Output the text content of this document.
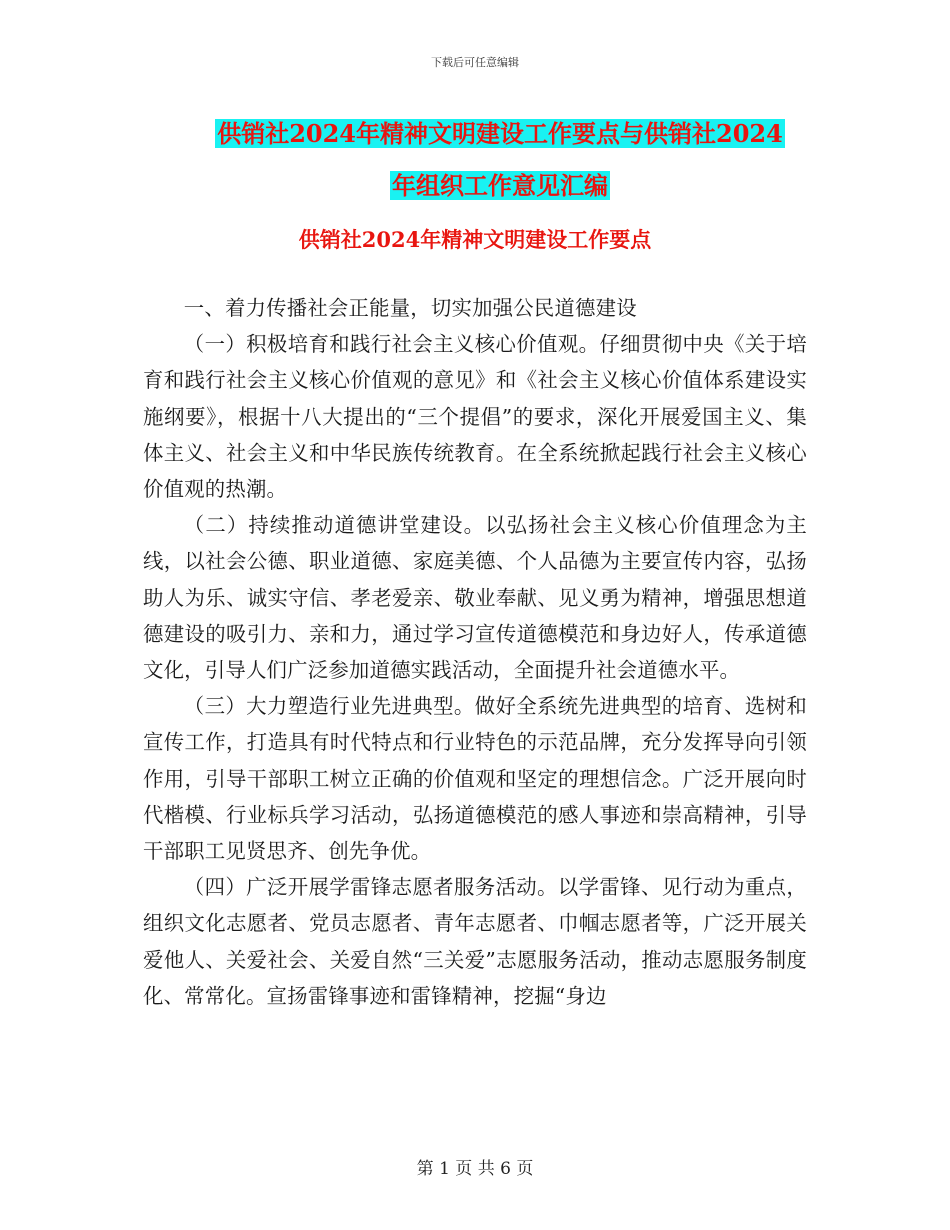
下载后可任意编辑
供销社2024年精神文明建设工作要点与供销社2024
年组织工作意见汇编
供销社2024年精神文明建设工作要点

一、着力传播社会正能量，切实加强公民道德建设

（一）积极培育和践行社会主义核心价值观。仔细贯彻中央《关于培育和践行社会主义核心价值观的意见》和《社会主义核心价值体系建设实施纲要》，根据十八大提出的“三个提倡”的要求，深化开展爱国主义、集体主义、社会主义和中华民族传统教育。在全系统掀起践行社会主义核心价值观的热潮。

（二）持续推动道德讲堂建设。以弘扬社会主义核心价值理念为主线，以社会公德、职业道德、家庭美德、个人品德为主要宣传内容，弘扬助人为乐、诚实守信、孝老爱亲、敬业奉献、见义勇为精神，增强思想道德建设的吸引力、亲和力，通过学习宣传道德模范和身边好人，传承道德文化，引导人们广泛参加道德实践活动，全面提升社会道德水平。

（三）大力塑造行业先进典型。做好全系统先进典型的培育、选树和宣传工作，打造具有时代特点和行业特色的示范品牌，充分发挥导向引领作用，引导干部职工树立正确的价值观和坚定的理想信念。广泛开展向时代楷模、行业标兵学习活动，弘扬道德模范的感人事迹和崇高精神，引导干部职工见贤思齐、创先争优。

（四）广泛开展学雷锋志愿者服务活动。以学雷锋、见行动为重点，组织文化志愿者、党员志愿者、青年志愿者、巾帼志愿者等，广泛开展关爱他人、关爱社会、关爱自然“三关爱”志愿服务活动，推动志愿服务制度化、常常化。宣扬雷锋事迹和雷锋精神，挖掘“身边

第 1 页 共 6 页
